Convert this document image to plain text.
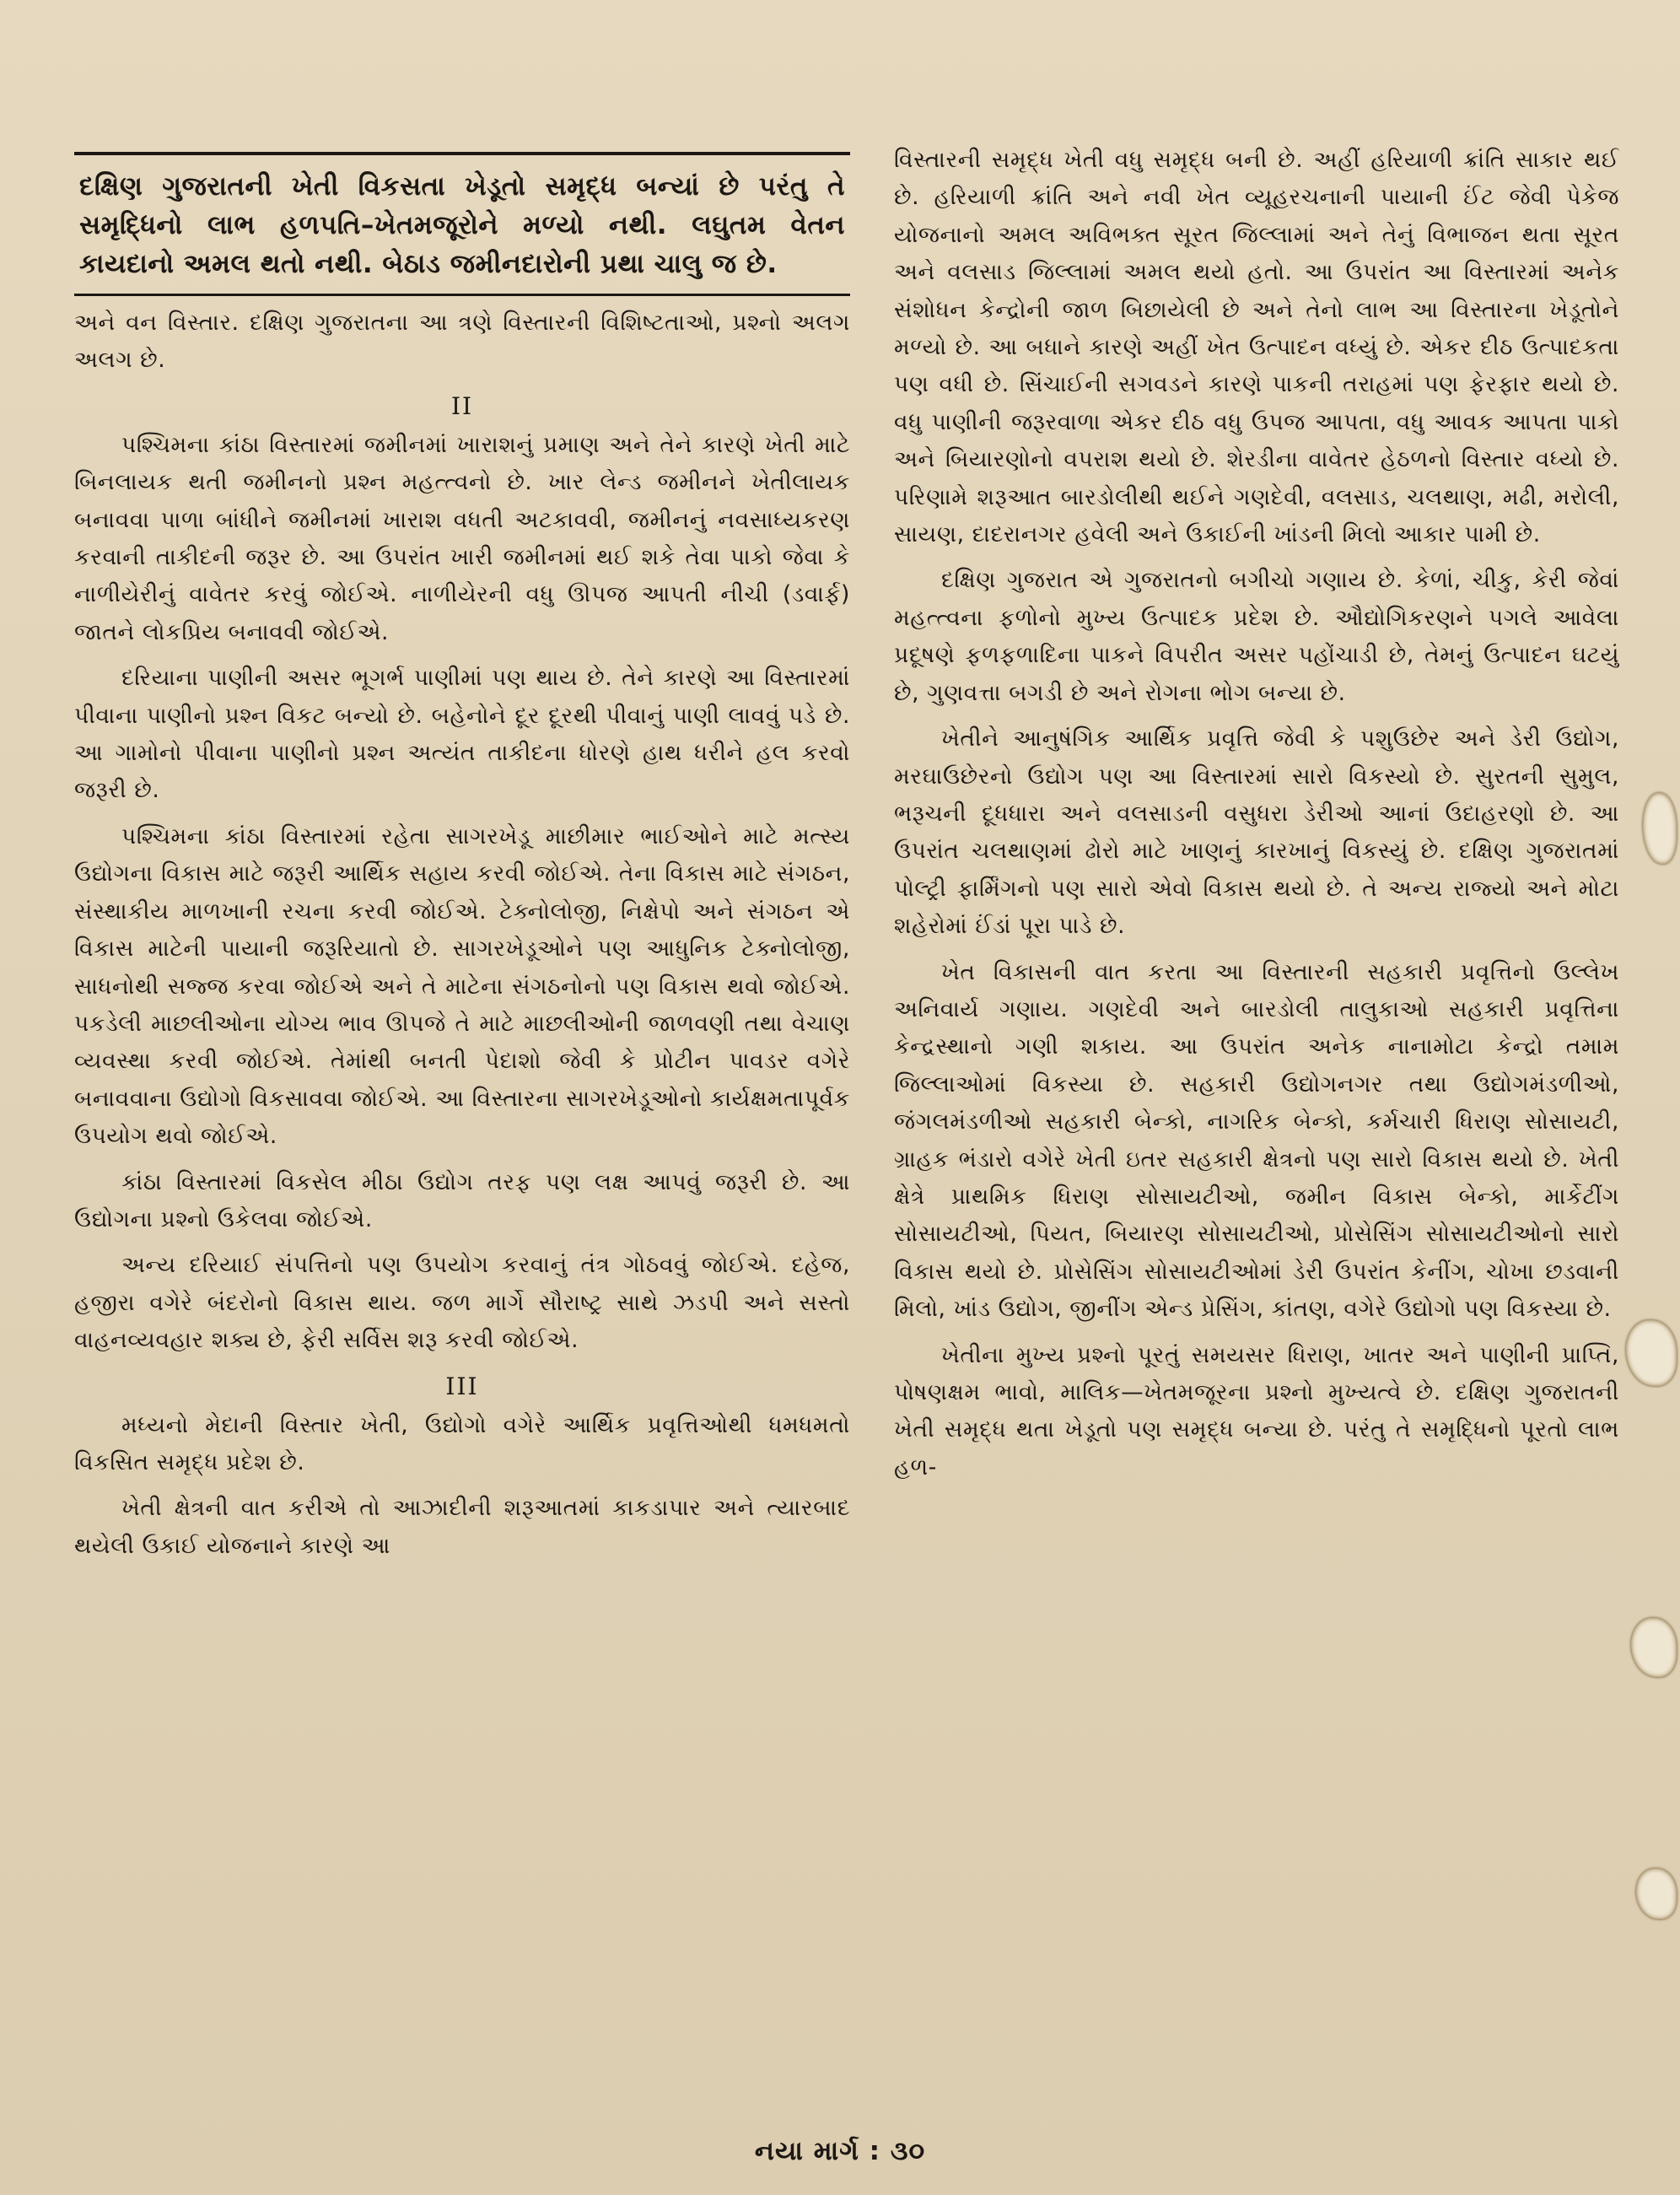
દક્ષિણ ગુજરાતની ખેતી વિકસતા ખેડૂતો સમૃદ્ધ બન્યાં છે પરંતુ તે સમૃદ્ધિનો લાભ હળપતિ–ખેતમજૂરોને મળ્યો નથી. લઘુતમ વેતન કાયદાનો અમલ થતો નથી. બેઠાડ જમીનદારોની પ્રથા ચાલુ જ છે.

અને વન વિસ્તાર. દક્ષિણ ગુજરાતના આ ત્રણે વિસ્તારની વિશિષ્ટતાઓ, પ્રશ્નો અલગ અલગ છે.

II

પશ્ચિમના કાંઠા વિસ્તારમાં જમીનમાં ખારાશનું પ્રમાણ અને તેને કારણે ખેતી માટે બિનલાયક થતી જમીનનો પ્રશ્ન મહત્ત્વનો છે. ખાર લેન્ડ જમીનને ખેતીલાયક બનાવવા પાળા બાંધીને જમીનમાં ખારાશ વધતી અટકાવવી, જમીનનું નવસાધ્યકરણ કરવાની તાકીદની જરૂર છે. આ ઉપરાંત ખારી જમીનમાં થઈ શકે તેવા પાકો જેવા કે નાળીયેરીનું વાવેતર કરવું જોઈએ. નાળીયેરની વધુ ઊપજ આપતી નીચી (ડવાર્ફ) જાતને લોકપ્રિય બનાવવી જોઈએ.

દરિયાના પાણીની અસર ભૂગર્ભ પાણીમાં પણ થાય છે. તેને કારણે આ વિસ્તારમાં પીવાના પાણીનો પ્રશ્ન વિકટ બન્યો છે. બહેનોને દૂર દૂરથી પીવાનું પાણી લાવવું પડે છે. આ ગામોનો પીવાના પાણીનો પ્રશ્ન અત્યંત તાકીદના ધોરણે હાથ ધરીને હલ કરવો જરૂરી છે.

પશ્ચિમના કાંઠા વિસ્તારમાં રહેતા સાગરખેડૂ માછીમાર ભાઈઓને માટે મત્સ્ય ઉદ્યોગના વિકાસ માટે જરૂરી આર્થિક સહાય કરવી જોઈએ. તેના વિકાસ માટે સંગઠન, સંસ્થાકીય માળખાની રચના કરવી જોઈએ. ટેક્નોલોજી, નિક્ષેપો અને સંગઠન એ વિકાસ માટેની પાયાની જરૂરિયાતો છે. સાગરખેડૂઓને પણ આધુનિક ટેક્નોલોજી, સાધનોથી સજ્જ કરવા જોઈએ અને તે માટેના સંગઠનોનો પણ વિકાસ થવો જોઈએ. પકડેલી માછલીઓના યોગ્ય ભાવ ઊપજે તે માટે માછલીઓની જાળવણી તથા વેચાણ વ્યવસ્થા કરવી જોઈએ. તેમાંથી બનતી પેદાશો જેવી કે પ્રોટીન પાવડર વગેરે બનાવવાના ઉદ્યોગો વિકસાવવા જોઈએ. આ વિસ્તારના સાગરખેડૂઓનો કાર્યક્ષમતાપૂર્વક ઉપયોગ થવો જોઈએ.

કાંઠા વિસ્તારમાં વિકસેલ મીઠા ઉદ્યોગ તરફ પણ લક્ષ આપવું જરૂરી છે. આ ઉદ્યોગના પ્રશ્નો ઉકેલવા જોઈએ.

અન્ય દરિયાઈ સંપત્તિનો પણ ઉપયોગ કરવાનું તંત્ર ગોઠવવું જોઈએ. દહેજ, હજીરા વગેરે બંદરોનો વિકાસ થાય. જળ માર્ગે સૌરાષ્ટ્ર સાથે ઝડપી અને સસ્તો વાહનવ્યવહાર શક્ય છે, ફેરી સર્વિસ શરૂ કરવી જોઈએ.

III

મધ્યનો મેદાની વિસ્તાર ખેતી, ઉદ્યોગો વગેરે આર્થિક પ્રવૃત્તિઓથી ધમધમતો વિકસિત સમૃદ્ધ પ્રદેશ છે.

ખેતી ક્ષેત્રની વાત કરીએ તો આઝાદીની શરૂઆતમાં કાકડાપાર અને ત્યારબાદ થયેલી ઉકાઈ યોજનાને કારણે આ

વિસ્તારની સમૃદ્ધ ખેતી વધુ સમૃદ્ધ બની છે. અહીં હરિયાળી ક્રાંતિ સાકાર થઈ છે. હરિયાળી ક્રાંતિ અને નવી ખેત વ્યૂહરચનાની પાયાની ઈંટ જેવી પેકેજ યોજનાનો અમલ અવિભક્ત સૂરત જિલ્લામાં અને તેનું વિભાજન થતા સૂરત અને વલસાડ જિલ્લામાં અમલ થયો હતો. આ ઉપરાંત આ વિસ્તારમાં અનેક સંશોધન કેન્દ્રોની જાળ બિછાયેલી છે અને તેનો લાભ આ વિસ્તારના ખેડૂતોને મળ્યો છે. આ બધાને કારણે અહીં ખેત ઉત્પાદન વધ્યું છે. એકર દીઠ ઉત્પાદકતા પણ વધી છે. સિંચાઈની સગવડને કારણે પાકની તરાહમાં પણ ફેરફાર થયો છે. વધુ પાણીની જરૂરવાળા એકર દીઠ વધુ ઉપજ આપતા, વધુ આવક આપતા પાકો અને બિયારણોનો વપરાશ થયો છે. શેરડીના વાવેતર હેઠળનો વિસ્તાર વધ્યો છે. પરિણામે શરૂઆત બારડોલીથી થઈને ગણદેવી, વલસાડ, ચલથાણ, મઢી, મરોલી, સાયણ, દાદરાનગર હવેલી અને ઉકાઈની ખાંડની મિલો આકાર પામી છે.

દક્ષિણ ગુજરાત એ ગુજરાતનો બગીચો ગણાય છે. કેળાં, ચીકુ, કેરી જેવાં મહત્ત્વના ફળોનો મુખ્ય ઉત્પાદક પ્રદેશ છે. ઔદ્યોગિકરણને પગલે આવેલા પ્રદૂષણે ફળફળાદિના પાકને વિપરીત અસર પહોંચાડી છે, તેમનું ઉત્પાદન ઘટયું છે, ગુણવત્તા બગડી છે અને રોગના ભોગ બન્યા છે.

ખેતીને આનુષંગિક આર્થિક પ્રવૃત્તિ જેવી કે પશુઉછેર અને ડેરી ઉદ્યોગ, મરઘાઉછેરનો ઉદ્યોગ પણ આ વિસ્તારમાં સારો વિકસ્યો છે. સુરતની સુમુલ, ભરૂચની દૂધધારા અને વલસાડની વસુધરા ડેરીઓ આનાં ઉદાહરણો છે. આ ઉપરાંત ચલથાણમાં ઢોરો માટે ખાણનું કારખાનું વિકસ્યું છે. દક્ષિણ ગુજરાતમાં પોલ્ટ્રી ફાર્મિંગનો પણ સારો એવો વિકાસ થયો છે. તે અન્ય રાજ્યો અને મોટા શહેરોમાં ઈંડાં પૂરા પાડે છે.

ખેત વિકાસની વાત કરતા આ વિસ્તારની સહકારી પ્રવૃત્તિનો ઉલ્લેખ અનિવાર્ય ગણાય. ગણદેવી અને બારડોલી તાલુકાઓ સહકારી પ્રવૃત્તિના કેન્દ્રસ્થાનો ગણી શકાય. આ ઉપરાંત અનેક નાનામોટા કેન્દ્રો તમામ જિલ્લાઓમાં વિકસ્યા છે. સહકારી ઉદ્યોગનગર તથા ઉદ્યોગમંડળીઓ, જંગલમંડળીઓ સહકારી બેન્કો, નાગરિક બેન્કો, કર્મચારી ધિરાણ સોસાયટી, ગ્રાહક ભંડારો વગેરે ખેતી ઇતર સહકારી ક્ષેત્રનો પણ સારો વિકાસ થયો છે. ખેતી ક્ષેત્રે પ્રાથમિક ધિરાણ સોસાયટીઓ, જમીન વિકાસ બેન્કો, માર્કેટીંગ સોસાયટીઓ, પિયત, બિયારણ સોસાયટીઓ, પ્રોસેસિંગ સોસાયટીઓનો સારો વિકાસ થયો છે. પ્રોસેસિંગ સોસાયટીઓમાં ડેરી ઉપરાંત કેનીંગ, ચોખા છડવાની મિલો, ખાંડ ઉદ્યોગ, જીનીંગ એન્ડ પ્રેસિંગ, કાંતણ, વગેરે ઉદ્યોગો પણ વિકસ્યા છે.

ખેતીના મુખ્ય પ્રશ્નો પૂરતું સમયસર ધિરાણ, ખાતર અને પાણીની પ્રાપ્તિ, પોષણક્ષમ ભાવો, માલિક—ખેતમજૂરના પ્રશ્નો મુખ્યત્વે છે. દક્ષિણ ગુજરાતની ખેતી સમૃદ્ધ થતા ખેડૂતો પણ સમૃદ્ધ બન્યા છે. પરંતુ તે સમૃદ્ધિનો પૂરતો લાભ હળ-

નયા માર્ગ : ૩૦
